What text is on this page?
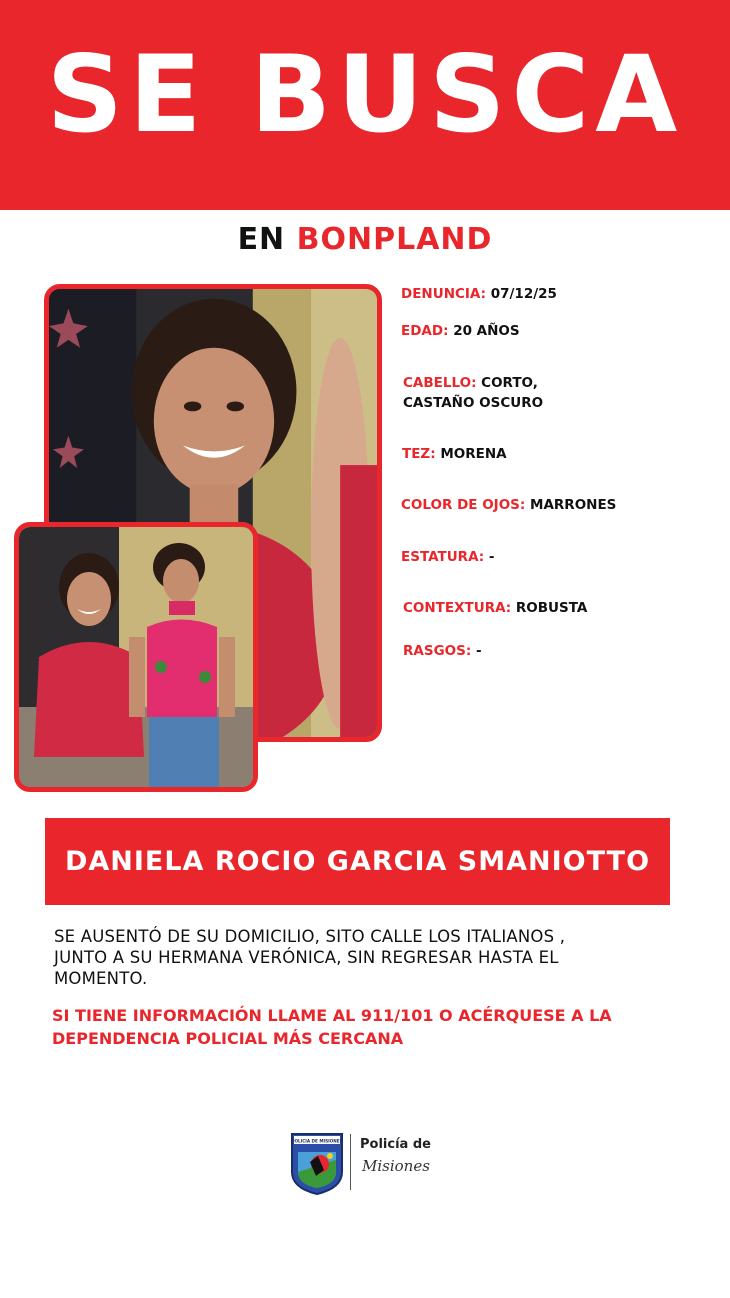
SE BUSCA
EN BONPLAND
DENUNCIA: 07/12/25
EDAD: 20 AÑOS
CABELLO: CORTO,
CASTAÑO OSCURO
TEZ: MORENA
COLOR DE OJOS: MARRONES
ESTATURA: -
CONTEXTURA: ROBUSTA
RASGOS: -
DANIELA ROCIO GARCIA SMANIOTTO
SE AUSENTÓ DE SU DOMICILIO, SITO CALLE LOS ITALIANOS ,
JUNTO A SU HERMANA VERÓNICA, SIN REGRESAR HASTA EL
MOMENTO.
SI TIENE INFORMACIÓN LLAME AL 911/101 O ACÉRQUESE A LA
DEPENDENCIA POLICIAL MÁS CERCANA
POLICIA DE MISIONES Policía de
Misiones
